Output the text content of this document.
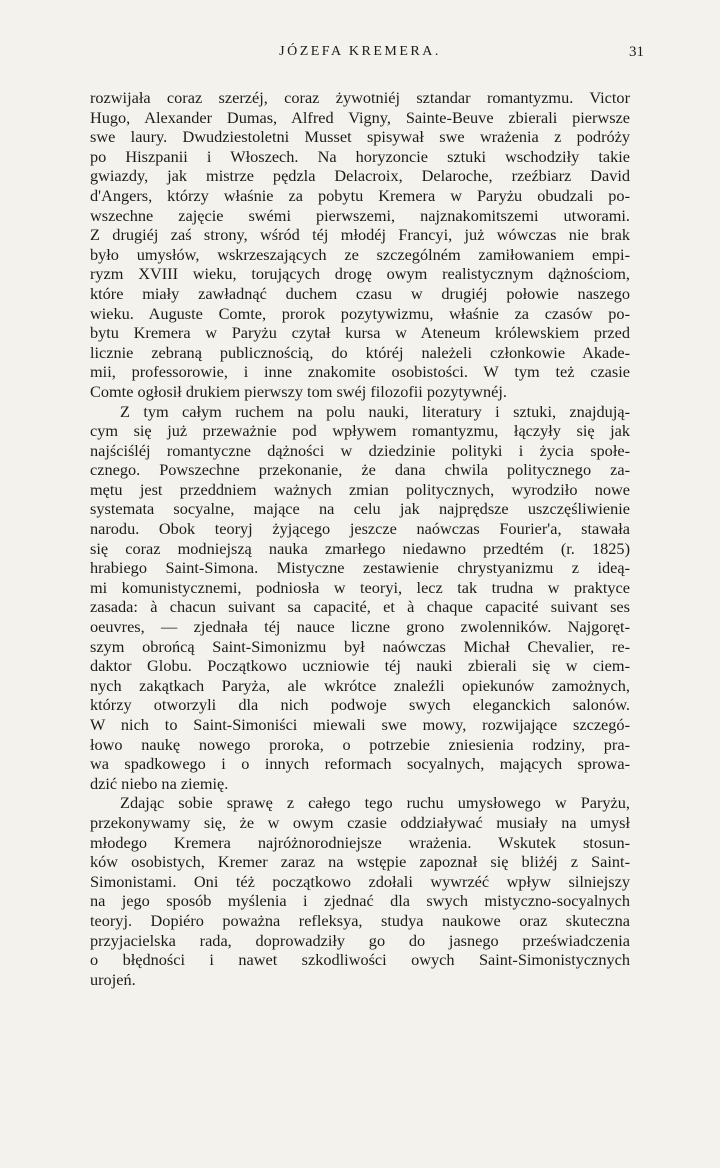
JÓZEFA KREMERA.	31
rozwijała coraz szerzéj, coraz żywotniéj sztandar romantyzmu. Victor
Hugo, Alexander Dumas, Alfred Vigny, Sainte-Beuve zbierali pierwsze
swe laury. Dwudziestoletni Musset spisywał swe wrażenia z podróży
po Hiszpanii i Włoszech. Na horyzoncie sztuki wschodziły takie
gwiazdy, jak mistrze pędzla Delacroix, Delaroche, rzeźbiarz David
d'Angers, którzy właśnie za pobytu Kremera w Paryżu obudzali po-
wszechne zajęcie swémi pierwszemi, najznakomitszemi utworami.
Z drugiéj zaś strony, wśród téj młodéj Francyi, już wówczas nie brak
było umysłów, wskrzeszających ze szczególném zamiłowaniem empi-
ryzm XVIII wieku, torujących drogę owym realistycznym dążnościom,
które miały zawładnąć duchem czasu w drugiéj połowie naszego
wieku. Auguste Comte, prorok pozytywizmu, właśnie za czasów po-
bytu Kremera w Paryżu czytał kursa w Ateneum królewskiem przed
licznie zebraną publicznością, do któréj należeli członkowie Akade-
mii, professorowie, i inne znakomite osobistości. W tym też czasie
Comte ogłosił drukiem pierwszy tom swéj filozofii pozytywnéj.
Z tym całym ruchem na polu nauki, literatury i sztuki, znajdują-
cym się już przeważnie pod wpływem romantyzmu, łączyły się jak
najściśléj romantyczne dążności w dziedzinie polityki i życia społe-
cznego. Powszechne przekonanie, że dana chwila politycznego za-
mętu jest przeddniem ważnych zmian politycznych, wyrodziło nowe
systemata socyalne, mające na celu jak najprędsze uszczęśliwienie
narodu. Obok teoryj żyjącego jeszcze naówczas Fourier'a, stawała
się coraz modniejszą nauka zmarłego niedawno przedtém (r. 1825)
hrabiego Saint-Simona. Mistyczne zestawienie chrystyanizmu z ideą-
mi komunistycznemi, podniosła w teoryi, lecz tak trudna w praktyce
zasada: à chacun suivant sa capacité, et à chaque capacité suivant ses
oeuvres, — zjednała téj nauce liczne grono zwolenników. Najgoręt-
szym obrońcą Saint-Simonizmu był naówczas Michał Chevalier, re-
daktor Globu. Początkowo uczniowie téj nauki zbierali się w ciem-
nych zakątkach Paryża, ale wkrótce znaleźli opiekunów zamożnych,
którzy otworzyli dla nich podwoje swych eleganckich salonów.
W nich to Saint-Simoniści miewali swe mowy, rozwijające szczegó-
łowo naukę nowego proroka, o potrzebie zniesienia rodziny, pra-
wa spadkowego i o innych reformach socyalnych, mających sprowa-
dzić niebo na ziemię.
Zdając sobie sprawę z całego tego ruchu umysłowego w Paryżu,
przekonywamy się, że w owym czasie oddziaływać musiały na umysł
młodego Kremera najróżnorodniejsze wrażenia. Wskutek stosun-
ków osobistych, Kremer zaraz na wstępie zapoznał się bliżéj z Saint-
Simonistami. Oni téż początkowo zdołali wywrzéć wpływ silniejszy
na jego sposób myślenia i zjednać dla swych mistyczno-socyalnych
teoryj. Dopiéro poważna refleksya, studya naukowe oraz skuteczna
przyjacielska rada, doprowadziły go do jasnego przeświadczenia
o błędności i nawet szkodliwości owych Saint-Simonistycznych
urojeń.
